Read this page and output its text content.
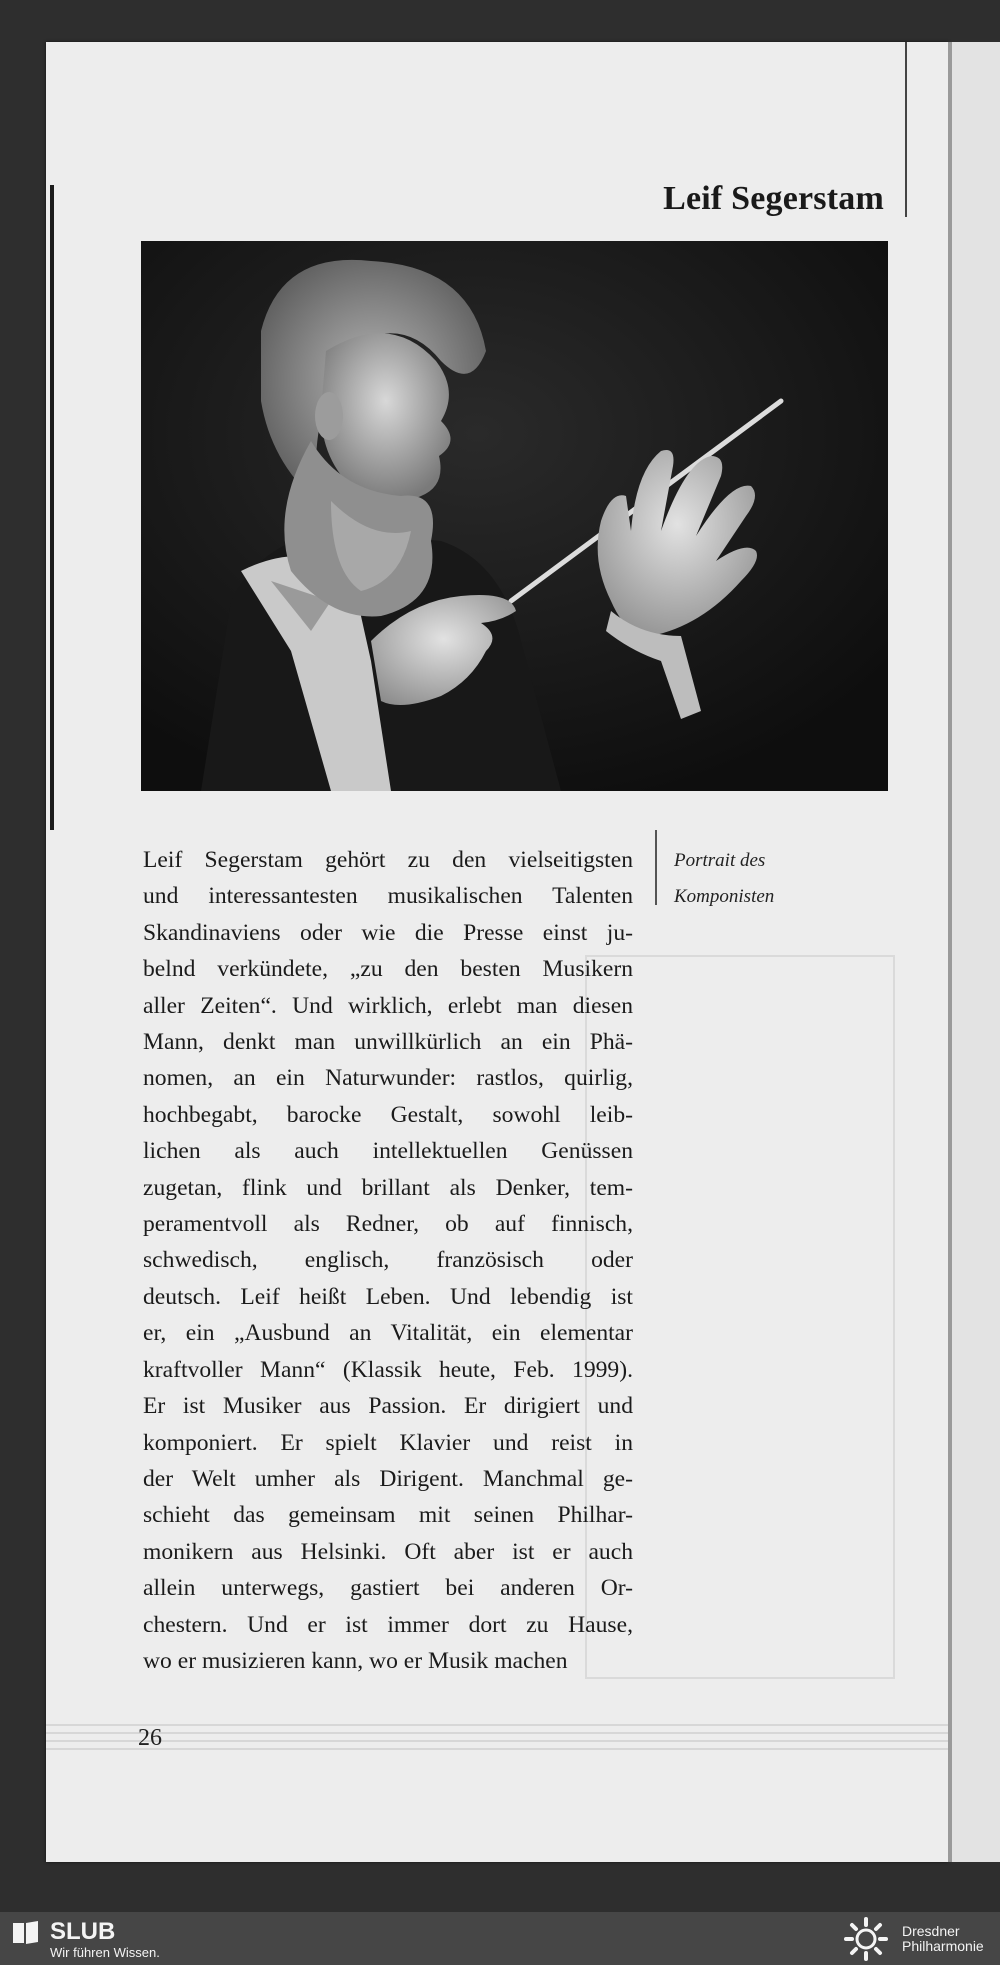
Leif Segerstam
Portrait des
Komponisten
Leif Segerstam gehört zu den vielseitigsten
und interessantesten musikalischen Talenten
Skandinaviens oder wie die Presse einst ju-
belnd verkündete, „zu den besten Musikern
aller Zeiten“. Und wirklich, erlebt man diesen
Mann, denkt man unwillkürlich an ein Phä-
nomen, an ein Naturwunder: rastlos, quirlig,
hochbegabt, barocke Gestalt, sowohl leib-
lichen als auch intellektuellen Genüssen
zugetan, flink und brillant als Denker, tem-
peramentvoll als Redner, ob auf finnisch,
schwedisch, englisch, französisch oder
deutsch. Leif heißt Leben. Und lebendig ist
er, ein „Ausbund an Vitalität, ein elementar
kraftvoller Mann“ (Klassik heute, Feb. 1999).
Er ist Musiker aus Passion. Er dirigiert und
komponiert. Er spielt Klavier und reist in
der Welt umher als Dirigent. Manchmal ge-
schieht das gemeinsam mit seinen Philhar-
monikern aus Helsinki. Oft aber ist er auch
allein unterwegs, gastiert bei anderen Or-
chestern. Und er ist immer dort zu Hause,
wo er musizieren kann, wo er Musik machen
26
SLUB
Wir führen Wissen.
Dresdner
Philharmonie
